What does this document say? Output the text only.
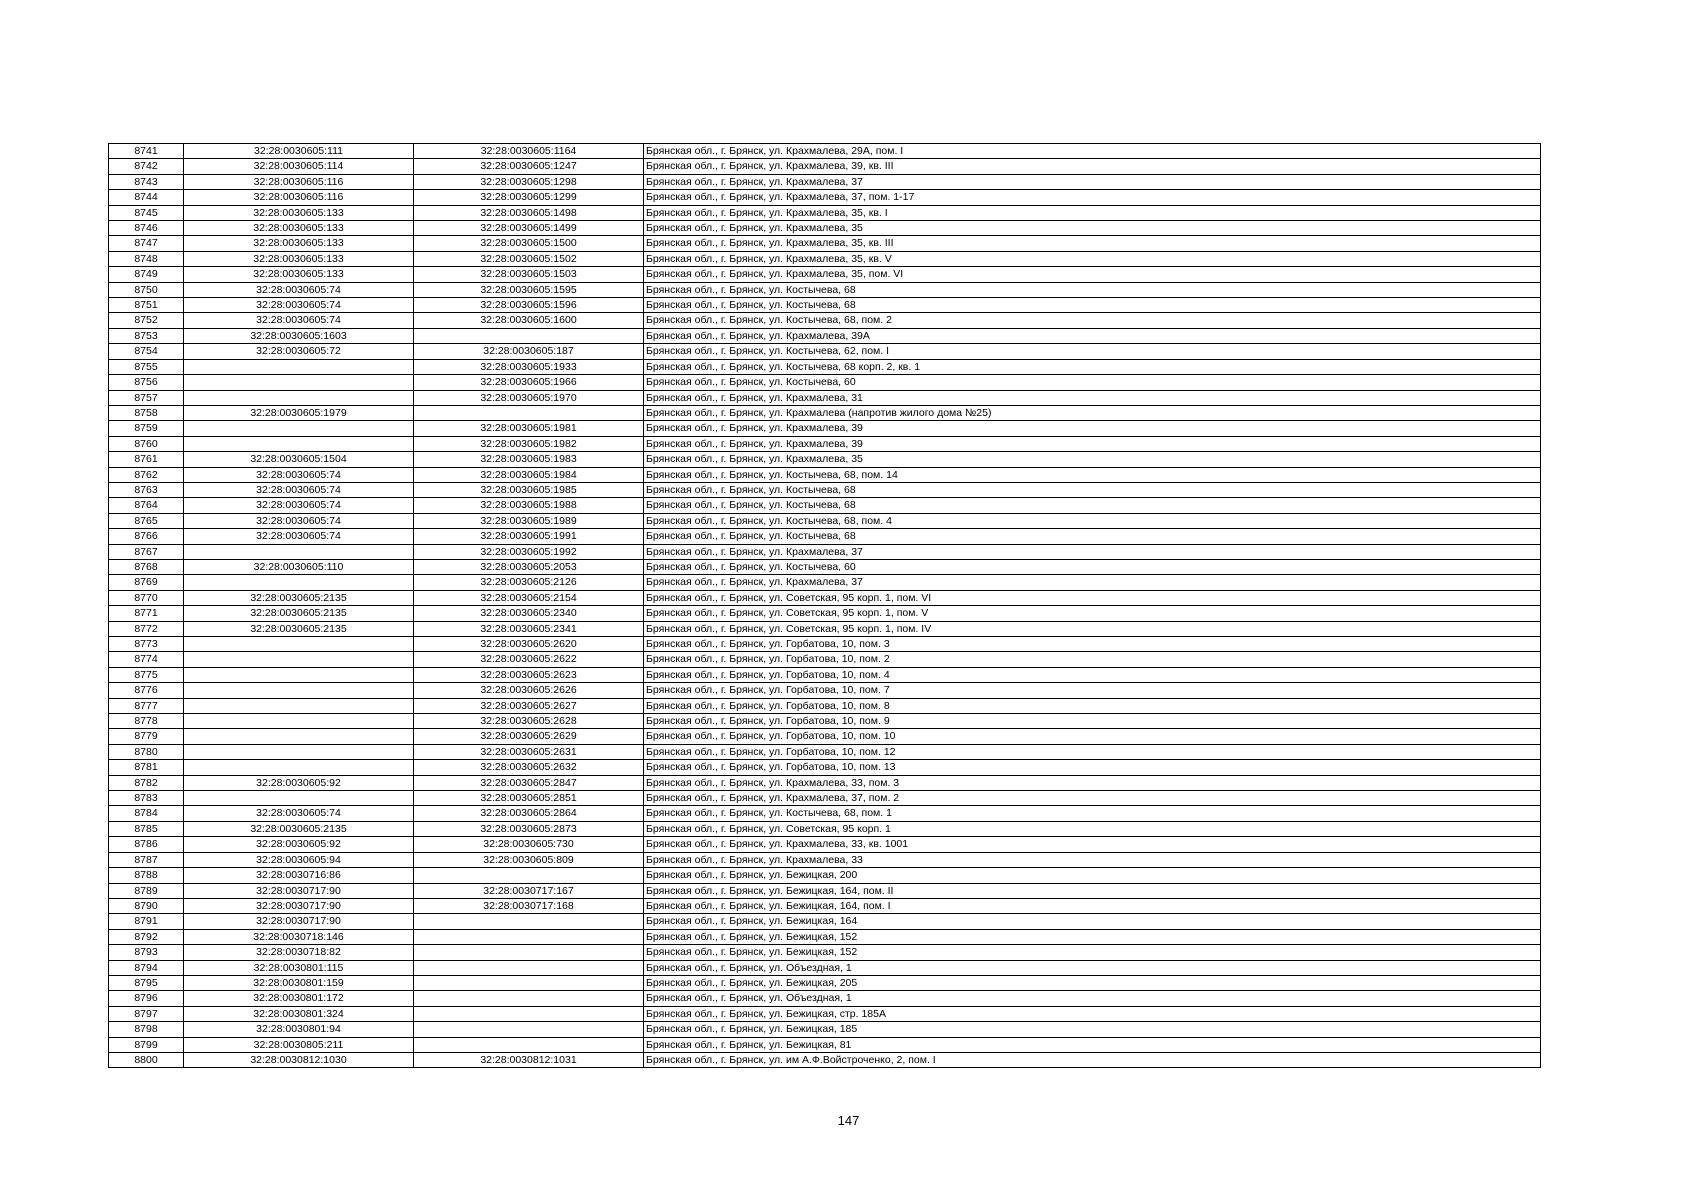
8741	32:28:0030605:111	32:28:0030605:1164	Брянская обл., г. Брянск, ул. Крахмалева, 29А, пом. I
8742	32:28:0030605:114	32:28:0030605:1247	Брянская обл., г. Брянск, ул. Крахмалева, 39, кв. III
8743	32:28:0030605:116	32:28:0030605:1298	Брянская обл., г. Брянск, ул. Крахмалева, 37
8744	32:28:0030605:116	32:28:0030605:1299	Брянская обл., г. Брянск, ул. Крахмалева, 37, пом. 1-17
8745	32:28:0030605:133	32:28:0030605:1498	Брянская обл., г. Брянск, ул. Крахмалева, 35, кв. I
8746	32:28:0030605:133	32:28:0030605:1499	Брянская обл., г. Брянск, ул. Крахмалева, 35
8747	32:28:0030605:133	32:28:0030605:1500	Брянская обл., г. Брянск, ул. Крахмалева, 35, кв. III
8748	32:28:0030605:133	32:28:0030605:1502	Брянская обл., г. Брянск, ул. Крахмалева, 35, кв. V
8749	32:28:0030605:133	32:28:0030605:1503	Брянская обл., г. Брянск, ул. Крахмалева, 35, пом. VI
8750	32:28:0030605:74	32:28:0030605:1595	Брянская обл., г. Брянск, ул. Костычева, 68
8751	32:28:0030605:74	32:28:0030605:1596	Брянская обл., г. Брянск, ул. Костычева, 68
8752	32:28:0030605:74	32:28:0030605:1600	Брянская обл., г. Брянск, ул. Костычева, 68, пом. 2
8753	32:28:0030605:1603		Брянская обл., г. Брянск, ул. Крахмалева, 39А
8754	32:28:0030605:72	32:28:0030605:187	Брянская обл., г. Брянск, ул. Костычева, 62, пом. I
8755		32:28:0030605:1933	Брянская обл., г. Брянск, ул. Костычева, 68 корп. 2, кв. 1
8756		32:28:0030605:1966	Брянская обл., г. Брянск, ул. Костычева, 60
8757		32:28:0030605:1970	Брянская обл., г. Брянск, ул. Крахмалева, 31
8758	32:28:0030605:1979		Брянская обл., г. Брянск, ул. Крахмалева (напротив жилого дома №25)
8759		32:28:0030605:1981	Брянская обл., г. Брянск, ул. Крахмалева, 39
8760		32:28:0030605:1982	Брянская обл., г. Брянск, ул. Крахмалева, 39
8761	32:28:0030605:1504	32:28:0030605:1983	Брянская обл., г. Брянск, ул. Крахмалева, 35
8762	32:28:0030605:74	32:28:0030605:1984	Брянская обл., г. Брянск, ул. Костычева, 68, пом. 14
8763	32:28:0030605:74	32:28:0030605:1985	Брянская обл., г. Брянск, ул. Костычева, 68
8764	32:28:0030605:74	32:28:0030605:1988	Брянская обл., г. Брянск, ул. Костычева, 68
8765	32:28:0030605:74	32:28:0030605:1989	Брянская обл., г. Брянск, ул. Костычева, 68, пом. 4
8766	32:28:0030605:74	32:28:0030605:1991	Брянская обл., г. Брянск, ул. Костычева, 68
8767		32:28:0030605:1992	Брянская обл., г. Брянск, ул. Крахмалева, 37
8768	32:28:0030605:110	32:28:0030605:2053	Брянская обл., г. Брянск, ул. Костычева, 60
8769		32:28:0030605:2126	Брянская обл., г. Брянск, ул. Крахмалева, 37
8770	32:28:0030605:2135	32:28:0030605:2154	Брянская обл., г. Брянск, ул. Советская, 95 корп. 1, пом. VI
8771	32:28:0030605:2135	32:28:0030605:2340	Брянская обл., г. Брянск, ул. Советская, 95 корп. 1, пом. V
8772	32:28:0030605:2135	32:28:0030605:2341	Брянская обл., г. Брянск, ул. Советская, 95 корп. 1, пом. IV
8773		32:28:0030605:2620	Брянская обл., г. Брянск, ул. Горбатова, 10, пом. 3
8774		32:28:0030605:2622	Брянская обл., г. Брянск, ул. Горбатова, 10, пом. 2
8775		32:28:0030605:2623	Брянская обл., г. Брянск, ул. Горбатова, 10, пом. 4
8776		32:28:0030605:2626	Брянская обл., г. Брянск, ул. Горбатова, 10, пом. 7
8777		32:28:0030605:2627	Брянская обл., г. Брянск, ул. Горбатова, 10, пом. 8
8778		32:28:0030605:2628	Брянская обл., г. Брянск, ул. Горбатова, 10, пом. 9
8779		32:28:0030605:2629	Брянская обл., г. Брянск, ул. Горбатова, 10, пом. 10
8780		32:28:0030605:2631	Брянская обл., г. Брянск, ул. Горбатова, 10, пом. 12
8781		32:28:0030605:2632	Брянская обл., г. Брянск, ул. Горбатова, 10, пом. 13
8782	32:28:0030605:92	32:28:0030605:2847	Брянская обл., г. Брянск, ул. Крахмалева, 33, пом. 3
8783		32:28:0030605:2851	Брянская обл., г. Брянск, ул. Крахмалева, 37, пом. 2
8784	32:28:0030605:74	32:28:0030605:2864	Брянская обл., г. Брянск, ул. Костычева, 68, пом. 1
8785	32:28:0030605:2135	32:28:0030605:2873	Брянская обл., г. Брянск, ул. Советская, 95 корп. 1
8786	32:28:0030605:92	32:28:0030605:730	Брянская обл., г. Брянск, ул. Крахмалева, 33, кв. 1001
8787	32:28:0030605:94	32:28:0030605:809	Брянская обл., г. Брянск, ул. Крахмалева, 33
8788	32:28:0030716:86		Брянская обл., г. Брянск, ул. Бежицкая, 200
8789	32:28:0030717:90	32:28:0030717:167	Брянская обл., г. Брянск, ул. Бежицкая, 164, пом. II
8790	32:28:0030717:90	32:28:0030717:168	Брянская обл., г. Брянск, ул. Бежицкая, 164, пом. I
8791	32:28:0030717:90		Брянская обл., г. Брянск, ул. Бежицкая, 164
8792	32:28:0030718:146		Брянская обл., г. Брянск, ул. Бежицкая, 152
8793	32:28:0030718:82		Брянская обл., г. Брянск, ул. Бежицкая, 152
8794	32:28:0030801:115		Брянская обл., г. Брянск, ул. Объездная, 1
8795	32:28:0030801:159		Брянская обл., г. Брянск, ул. Бежицкая, 205
8796	32:28:0030801:172		Брянская обл., г. Брянск, ул. Объездная, 1
8797	32:28:0030801:324		Брянская обл., г. Брянск, ул. Бежицкая, стр. 185А
8798	32:28:0030801:94		Брянская обл., г. Брянск, ул. Бежицкая, 185
8799	32:28:0030805:211		Брянская обл., г. Брянск, ул. Бежицкая, 81
8800	32:28:0030812:1030	32:28:0030812:1031	Брянская обл., г. Брянск, ул. им А.Ф.Войстроченко, 2, пом. I
147
